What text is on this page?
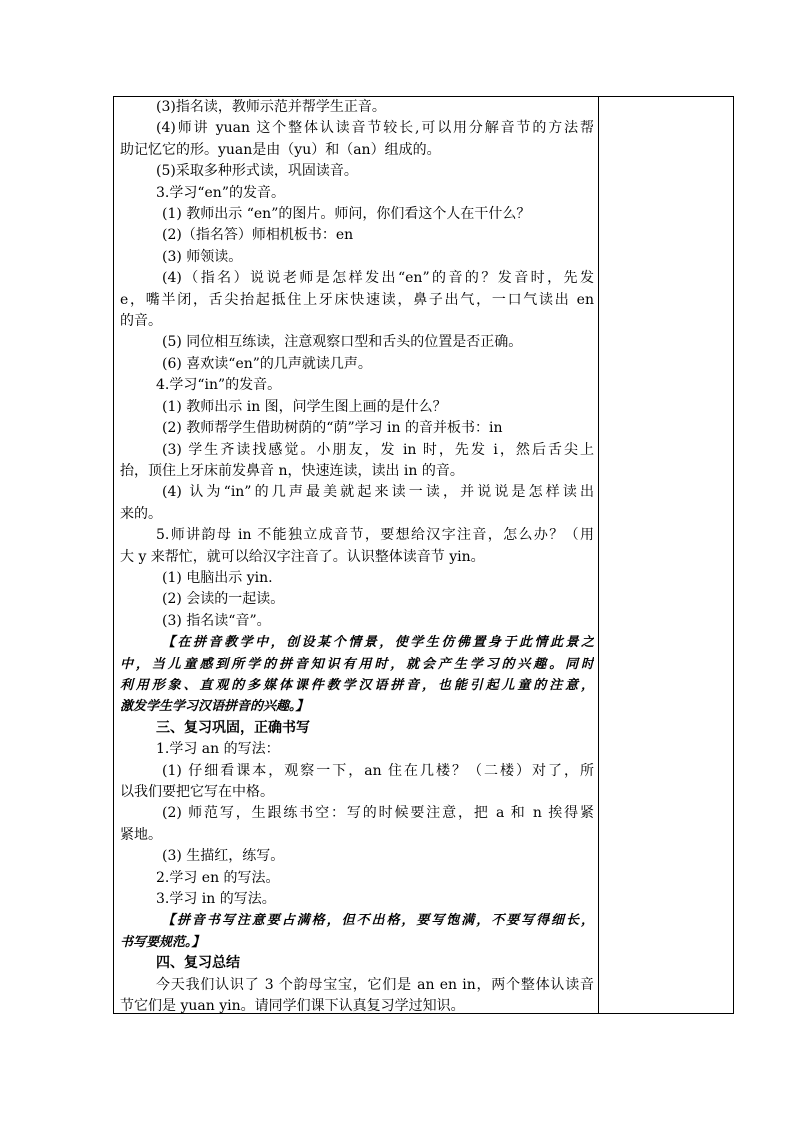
(3)指名读，教师示范并帮学生正音。
(4)师讲 yuan 这个整体认读音节较长,可以用分解音节的方法帮
助记忆它的形。yuan是由（yu）和（an）组成的。
(5)采取多种形式读，巩固读音。
3.学习“en”的发音。
(1) 教师出示 “en”的图片。师问，你们看这个人在干什么？
(2)（指名答）师相机板书：en
(3) 师领读。
(4)（指名）说说老师是怎样发出“en”的音的？发音时，先发
e，嘴半闭，舌尖抬起抵住上牙床快速读，鼻子出气，一口气读出 en
的音。
(5) 同位相互练读，注意观察口型和舌头的位置是否正确。
(6) 喜欢读“en”的几声就读几声。
4.学习“in”的发音。
(1) 教师出示 in 图，问学生图上画的是什么？
(2) 教师帮学生借助树荫的“荫”学习 in 的音并板书：in
(3) 学生齐读找感觉。小朋友，发 in 时，先发 i，然后舌尖上
抬，顶住上牙床前发鼻音 n，快速连读，读出 in 的音。
(4) 认为“in”的几声最美就起来读一读，并说说是怎样读出
来的。
5.师讲韵母 in 不能独立成音节，要想给汉字注音，怎么办？（用
大 y 来帮忙，就可以给汉字注音了。认识整体读音节 yin。
(1) 电脑出示 yin.
(2) 会读的一起读。
(3) 指名读“音”。
【在拼音教学中，创设某个情景，使学生仿佛置身于此情此景之
中，当儿童感到所学的拼音知识有用时，就会产生学习的兴趣。同时
利用形象、直观的多媒体课件教学汉语拼音，也能引起儿童的注意，
激发学生学习汉语拼音的兴趣。】
三、复习巩固，正确书写
1.学习 an 的写法：
(1) 仔细看课本，观察一下，an 住在几楼？（二楼）对了，所
以我们要把它写在中格。
(2) 师范写，生跟练书空：写的时候要注意，把 a 和 n 挨得紧
紧地。
(3) 生描红，练写。
2.学习 en 的写法。
3.学习 in 的写法。
【拼音书写注意要占满格，但不出格，要写饱满，不要写得细长，
书写要规范。】
四、复习总结
今天我们认识了 3 个韵母宝宝，它们是 an en in，两个整体认读音
节它们是 yuan yin。请同学们课下认真复习学过知识。
